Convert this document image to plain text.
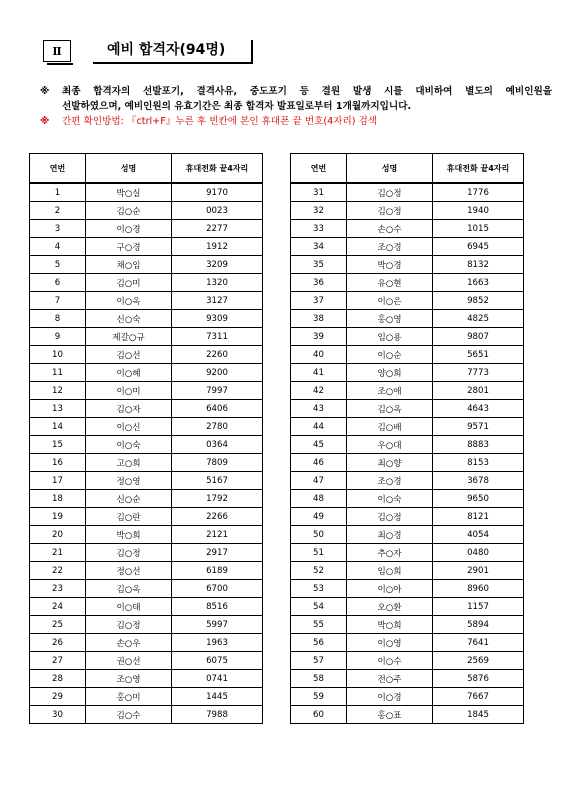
Ⅱ	예비 합격자(94명)
※	최종 합격자의 선발포기, 결격사유, 중도포기 등 결원 발생 시를 대비하여 별도의 예비인원을
선발하였으며, 예비인원의 유효기간은 최종 합격자 발표일로부터 1개월까지입니다.
※	간편 확인방법: 『ctrl+F』누른 후 빈칸에 본인 휴대폰 끝 번호(4자리) 검색
연번	성명	휴대전화 끝4자리
1	박○실	9170
2	김○순	0023
3	이○경	2277
4	구○경	1912
5	채○임	3209
6	김○미	1320
7	이○옥	3127
8	신○숙	9309
9	제갈○규	7311
10	김○선	2260
11	이○혜	9200
12	이○미	7997
13	김○자	6406
14	이○신	2780
15	이○숙	0364
16	고○희	7809
17	정○영	5167
18	신○순	1792
19	김○란	2266
20	박○희	2121
21	김○정	2917
22	정○선	6189
23	김○옥	6700
24	이○태	8516
25	김○정	5997
26	손○우	1963
27	권○선	6075
28	조○영	0741
29	홍○미	1445
30	김○수	7988
연번	성명	휴대전화 끝4자리
31	김○정	1776
32	김○정	1940
33	손○수	1015
34	조○경	6945
35	박○경	8132
36	유○현	1663
37	이○은	9852
38	홍○영	4825
39	임○용	9807
40	이○순	5651
41	양○희	7773
42	조○애	2801
43	김○옥	4643
44	김○배	9571
45	우○대	8883
46	최○향	8153
47	조○경	3678
48	이○숙	9650
49	김○정	8121
50	최○경	4054
51	추○자	0480
52	임○희	2901
53	이○아	8960
54	오○환	1157
55	박○희	5894
56	이○영	7641
57	이○수	2569
58	전○주	5876
59	이○경	7667
60	홍○표	1845
